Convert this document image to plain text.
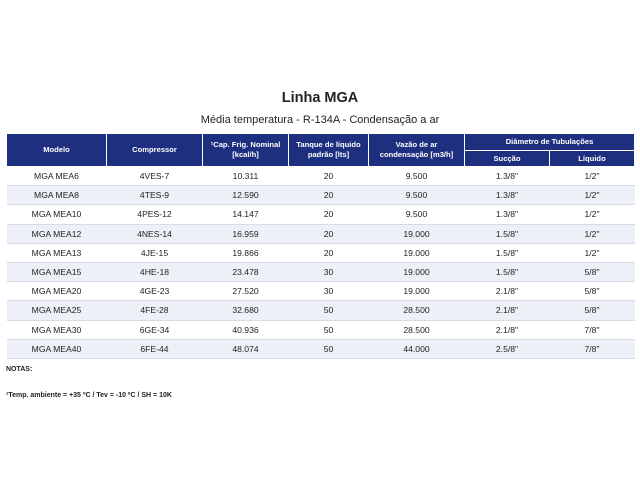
Linha MGA
Média temperatura - R-134A - Condensação a ar
Modelo	Compressor	¹Cap. Frig. Nominal [kcal/h]	Tanque de líquido padrão [lts]	Vazão de ar condensação [m3/h]	Diâmetro de Tubulações	
					Sucção	Líquido
MGA MEA6	4VES-7	10.311	20	9.500	1.3/8"	1/2"
MGA MEA8	4TES-9	12.590	20	9.500	1.3/8"	1/2"
MGA MEA10	4PES-12	14.147	20	9.500	1.3/8"	1/2"
MGA MEA12	4NES-14	16.959	20	19.000	1.5/8"	1/2"
MGA MEA13	4JE-15	19.866	20	19.000	1.5/8"	1/2"
MGA MEA15	4HE-18	23.478	30	19.000	1.5/8"	5/8"
MGA MEA20	4GE-23	27.520	30	19.000	2.1/8"	5/8"
MGA MEA25	4FE-28	32.680	50	28.500	2.1/8"	5/8"
MGA MEA30	6GE-34	40.936	50	28.500	2.1/8"	7/8"
MGA MEA40	6FE-44	48.074	50	44.000	2.5/8"	7/8"
NOTAS:
¹Temp. ambiente = +35 ºC / Tev = -10 ºC / SH = 10K
